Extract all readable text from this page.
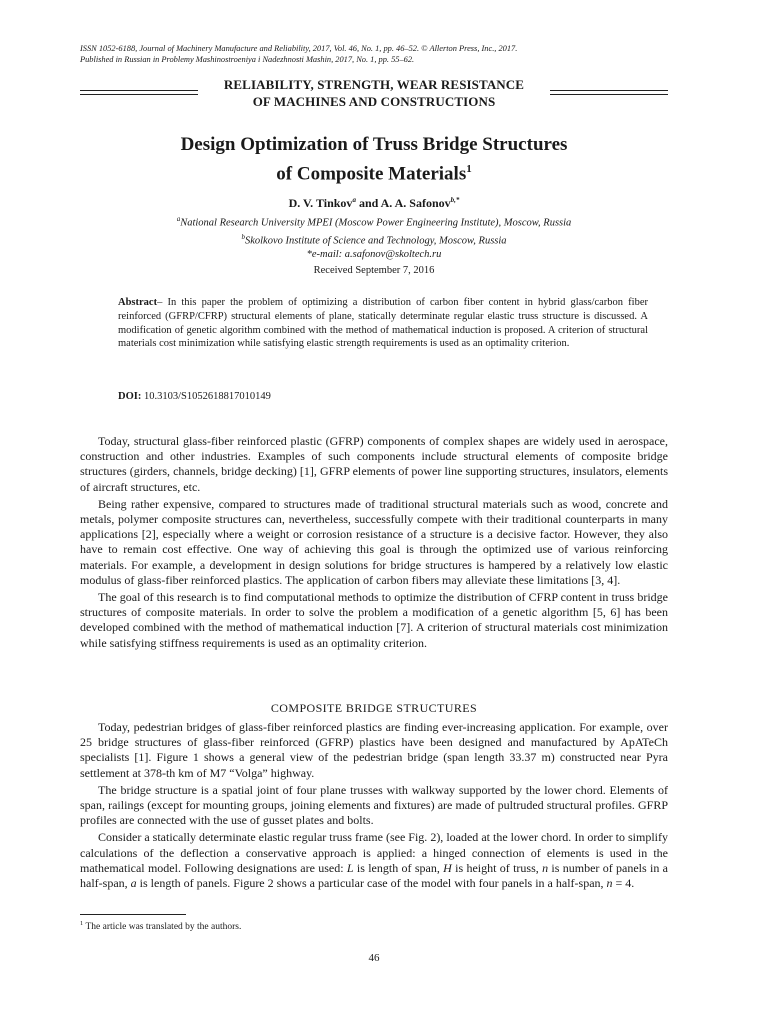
ISSN 1052-6188, Journal of Machinery Manufacture and Reliability, 2017, Vol. 46, No. 1, pp. 46–52. © Allerton Press, Inc., 2017.
Published in Russian in Problemy Mashinostroeniya i Nadezhnosti Mashin, 2017, No. 1, pp. 55–62.
RELIABILITY, STRENGTH, WEAR RESISTANCE
OF MACHINES AND CONSTRUCTIONS
Design Optimization of Truss Bridge Structures
of Composite Materials$^1$
D. V. Tinkov$^a$ and A. A. Safonov$^{b,*}$
$^a$National Research University MPEI (Moscow Power Engineering Institute), Moscow, Russia
$^b$Skolkovo Institute of Science and Technology, Moscow, Russia
*e-mail: a.safonov@skoltech.ru
Received September 7, 2016
Abstract– In this paper the problem of optimizing a distribution of carbon fiber content in hybrid glass/carbon fiber reinforced (GFRP/CFRP) structural elements of plane, statically determinate regular elastic truss structure is discussed. A modification of genetic algorithm combined with the method of mathematical induction is proposed. A criterion of structural materials cost minimization while satisfying elastic strength requirements is used as an optimality criterion.
DOI: 10.3103/S1052618817010149

Today, structural glass-fiber reinforced plastic (GFRP) components of complex shapes are widely used in aerospace, construction and other industries. Examples of such components include structural elements of composite bridge structures (girders, channels, bridge decking) [1], GFRP elements of power line supporting structures, insulators, elements of aircraft structures, etc.

Being rather expensive, compared to structures made of traditional structural materials such as wood, concrete and metals, polymer composite structures can, nevertheless, successfully compete with their traditional counterparts in many applications [2], especially where a weight or corrosion resistance of a structure is a decisive factor. However, they also have to remain cost effective. One way of achieving this goal is through the optimized use of various reinforcing materials. For example, a development in design solutions for bridge structures is hampered by a relatively low elastic modulus of glass-fiber reinforced plastics. The application of carbon fibers may alleviate these limitations [3, 4].

The goal of this research is to find computational methods to optimize the distribution of CFRP content in truss bridge structures of composite materials. In order to solve the problem a modification of a genetic algorithm [5, 6] has been developed combined with the method of mathematical induction [7]. A criterion of structural materials cost minimization while satisfying stiffness requirements is used as an optimality criterion.

COMPOSITE BRIDGE STRUCTURES

Today, pedestrian bridges of glass-fiber reinforced plastics are finding ever-increasing application. For example, over 25 bridge structures of glass-fiber reinforced (GFRP) plastics have been designed and manufactured by ApATeCh specialists [1]. Figure 1 shows a general view of the pedestrian bridge (span length 33.37 m) constructed near Pyra settlement at 378-th km of M7 “Volga” highway.

The bridge structure is a spatial joint of four plane trusses with walkway supported by the lower chord. Elements of span, railings (except for mounting groups, joining elements and fixtures) are made of pultruded structural profiles. GFRP profiles are connected with the use of gusset plates and bolts.

Consider a statically determinate elastic regular truss frame (see Fig. 2), loaded at the lower chord. In order to simplify calculations of the deflection a conservative approach is applied: a hinged connection of elements is used in the mathematical model. Following designations are used: L is length of span, H is height of truss, n is number of panels in a half-span, a is length of panels. Figure 2 shows a particular case of the model with four panels in a half-span, n = 4.

$^1$ The article was translated by the authors.
46
